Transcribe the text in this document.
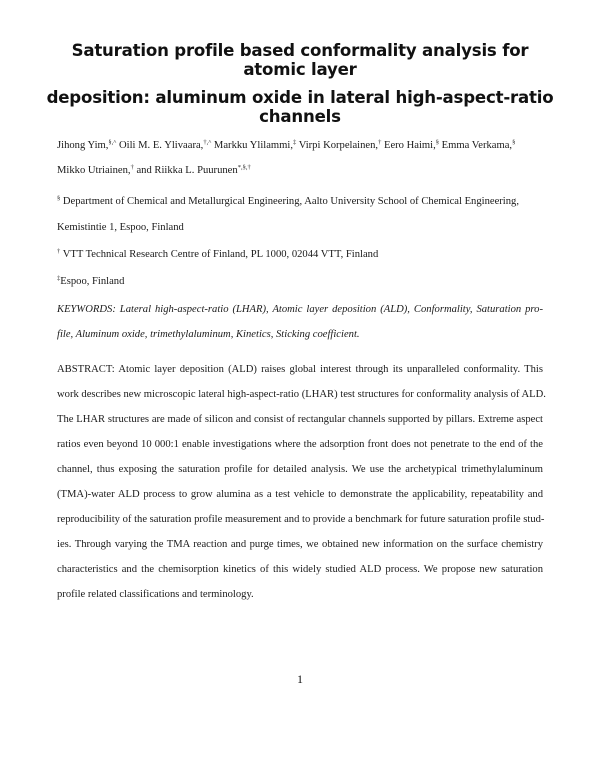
Saturation profile based conformality analysis for atomic layer
deposition: aluminum oxide in lateral high-aspect-ratio channels
Jihong Yim,§,^ Oili M. E. Ylivaara,†,^ Markku Ylilammi,‡ Virpi Korpelainen,† Eero Haimi,§ Emma Verkama,§
Mikko Utriainen,† and Riikka L. Puurunen*,§,†
§ Department of Chemical and Metallurgical Engineering, Aalto University School of Chemical Engineering,
Kemistintie 1, Espoo, Finland
† VTT Technical Research Centre of Finland, PL 1000, 02044 VTT, Finland
‡Espoo, Finland
KEYWORDS: Lateral high-aspect-ratio (LHAR), Atomic layer deposition (ALD), Conformality, Saturation pro-
file, Aluminum oxide, trimethylaluminum, Kinetics, Sticking coefficient.
ABSTRACT: Atomic layer deposition (ALD) raises global interest through its unparalleled conformality. This
work describes new microscopic lateral high-aspect-ratio (LHAR) test structures for conformality analysis of ALD.
The LHAR structures are made of silicon and consist of rectangular channels supported by pillars. Extreme aspect
ratios even beyond 10 000:1 enable investigations where the adsorption front does not penetrate to the end of the
channel, thus exposing the saturation profile for detailed analysis. We use the archetypical trimethylaluminum
(TMA)-water ALD process to grow alumina as a test vehicle to demonstrate the applicability, repeatability and
reproducibility of the saturation profile measurement and to provide a benchmark for future saturation profile stud-
ies. Through varying the TMA reaction and purge times, we obtained new information on the surface chemistry
characteristics and the chemisorption kinetics of this widely studied ALD process. We propose new saturation
profile related classifications and terminology.
1
